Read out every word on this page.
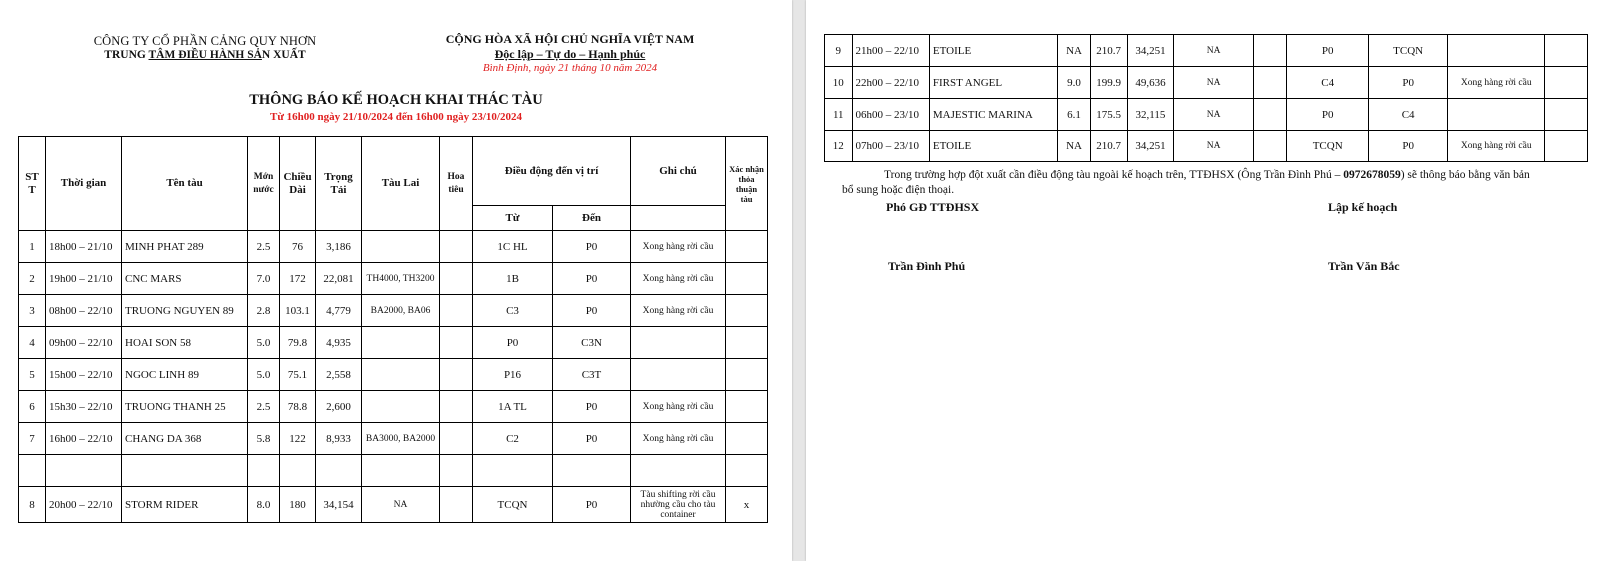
CÔNG TY CỔ PHẦN CẢNG QUY NHƠN
TRUNG TÂM ĐIỀU HÀNH SẢN XUẤT
CỘNG HÒA XÃ HỘI CHỦ NGHĨA VIỆT NAM
Độc lập – Tự do – Hạnh phúc
Bình Định, ngày 21 tháng 10 năm 2024
THÔNG BÁO KẾ HOẠCH KHAI THÁC TÀU
Từ 16h00 ngày 21/10/2024 đến 16h00 ngày 23/10/2024
ST T	Thời gian	Tên tàu	Mớn nước	Chiều Dài	Trọng Tải	Tàu Lai	Hoa tiêu	Điều động đến vị trí		Ghi chú	Xác nhận thỏa thuận tàu
								Từ	Đến		
1	18h00 – 21/10	MINH PHAT 289	2.5	76	3,186			1C HL	P0	Xong hàng rời cầu	
2	19h00 – 21/10	CNC MARS	7.0	172	22,081	TH4000, TH3200		1B	P0	Xong hàng rời cầu	
3	08h00 – 22/10	TRUONG NGUYEN 89	2.8	103.1	4,779	BA2000, BA06		C3	P0	Xong hàng rời cầu	
4	09h00 – 22/10	HOAI SON 58	5.0	79.8	4,935			P0	C3N		
5	15h00 – 22/10	NGOC LINH 89	5.0	75.1	2,558			P16	C3T		
6	15h30 – 22/10	TRUONG THANH 25	2.5	78.8	2,600			1A TL	P0	Xong hàng rời cầu	
7	16h00 – 22/10	CHANG DA 368	5.8	122	8,933	BA3000, BA2000		C2	P0	Xong hàng rời cầu	

8	20h00 – 22/10	STORM RIDER	8.0	180	34,154	NA		TCQN	P0	Tàu shifting rời cầu nhường cầu cho tàu container	x
9	21h00 – 22/10	ETOILE	NA	210.7	34,251	NA		P0	TCQN		
10	22h00 – 22/10	FIRST ANGEL	9.0	199.9	49,636	NA		C4	P0	Xong hàng rời cầu	
11	06h00 – 23/10	MAJESTIC MARINA	6.1	175.5	32,115	NA		P0	C4		
12	07h00 – 23/10	ETOILE	NA	210.7	34,251	NA		TCQN	P0	Xong hàng rời cầu	
Trong trường hợp đột xuất cần điều động tàu ngoài kế hoạch trên, TTĐHSX (Ông Trần Đình Phú – 0972678059) sẽ thông báo bằng văn bản bổ sung hoặc điện thoại.
Phó GĐ TTĐHSX	Lập kế hoạch
Trần Đình Phú	Trần Văn Bắc
